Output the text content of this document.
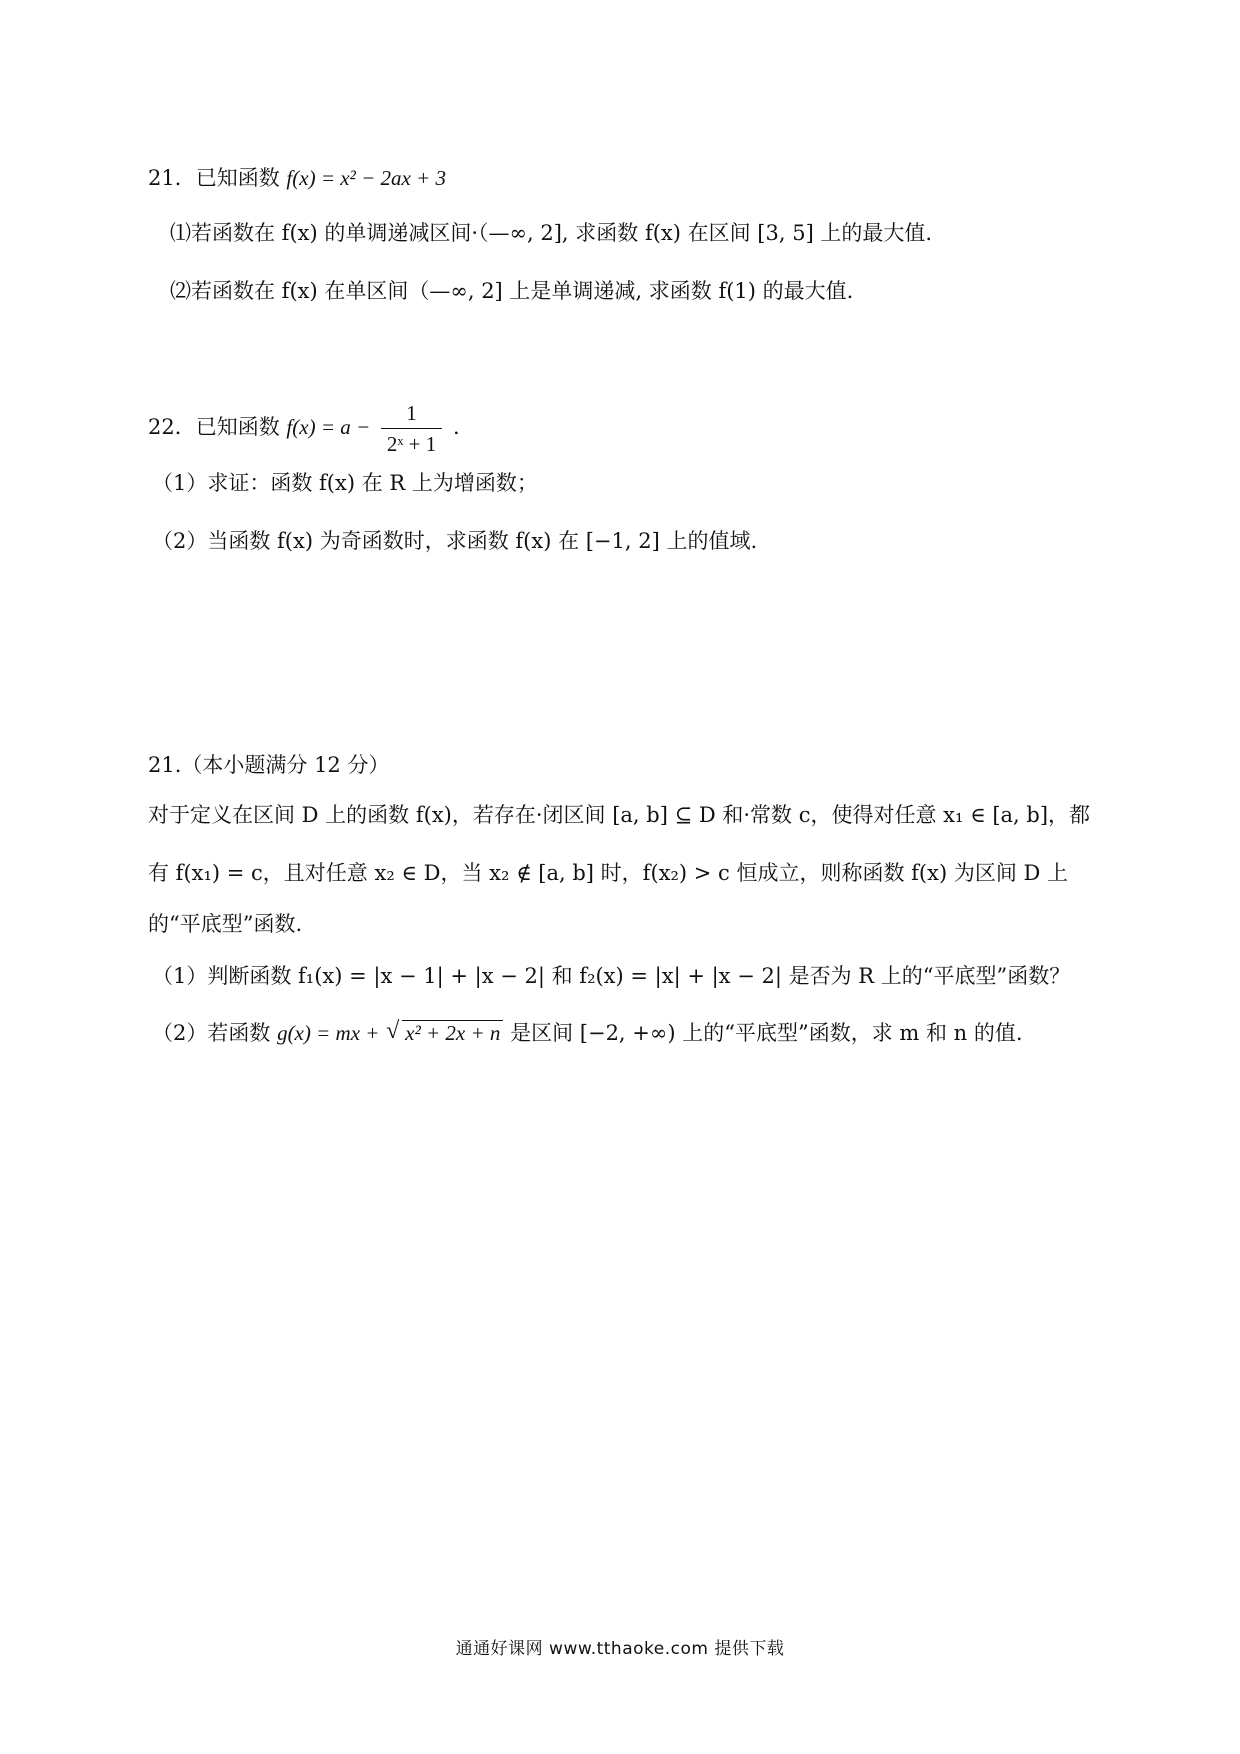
21．已知函数 f(x) = x² − 2ax + 3
⑴若函数在 f(x) 的单调递减区间·（—∞, 2], 求函数 f(x) 在区间 [3, 5] 上的最大值.
⑵若函数在 f(x) 在单区间（—∞, 2] 上是单调递减, 求函数 f(1) 的最大值.
22．已知函数 $f(x) = a - \frac{1}{\text{2ˣ + 1}}$ .
（1）求证：函数 f(x) 在 R 上为增函数；
（2）当函数 f(x) 为奇函数时，求函数 f(x) 在 [−1, 2] 上的值域.
21.（本小题满分 12 分）
对于定义在区间 D 上的函数 f(x)，若存在·闭区间 [a, b] ⊆ D 和·常数 c，使得对任意 x₁ ∈ [a, b]，都
有 f(x₁) = c，且对任意 x₂ ∈ D，当 x₂ ∉ [a, b] 时，f(x₂) > c 恒成立，则称函数 f(x) 为区间 D 上
的“平底型”函数.
（1）判断函数 f₁(x) = |x − 1| + |x − 2| 和 f₂(x) = |x| + |x − 2| 是否为 R 上的“平底型”函数？
（2）若函数 g(x) = mx + √ x² + 2x + n 是区间 [−2, +∞) 上的“平底型”函数，求 m 和 n 的值.
通通好课网 www.tthaoke.com 提供下载
